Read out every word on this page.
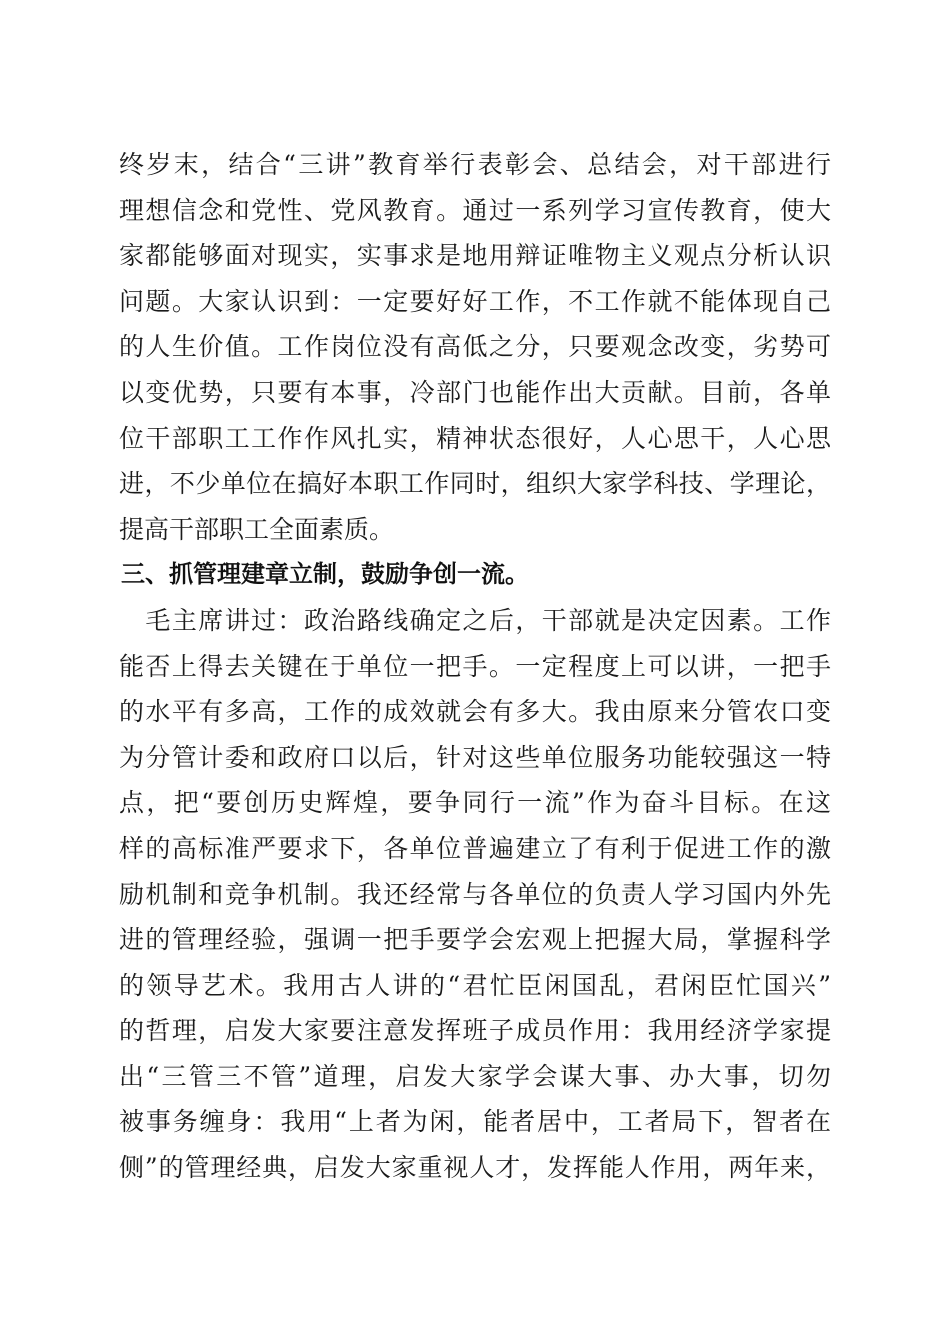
终岁末，结合“三讲”教育举行表彰会、总结会，对干部进行
理想信念和党性、党风教育。通过一系列学习宣传教育，使大
家都能够面对现实，实事求是地用辩证唯物主义观点分析认识
问题。大家认识到：一定要好好工作，不工作就不能体现自己
的人生价值。工作岗位没有高低之分，只要观念改变，劣势可
以变优势，只要有本事，冷部门也能作出大贡献。目前，各单
位干部职工工作作风扎实，精神状态很好，人心思干，人心思
进，不少单位在搞好本职工作同时，组织大家学科技、学理论，
提高干部职工全面素质。
三、抓管理建章立制，鼓励争创一流。
　毛主席讲过：政治路线确定之后，干部就是决定因素。工作
能否上得去关键在于单位一把手。一定程度上可以讲，一把手
的水平有多高，工作的成效就会有多大。我由原来分管农口变
为分管计委和政府口以后，针对这些单位服务功能较强这一特
点，把“要创历史辉煌，要争同行一流”作为奋斗目标。在这
样的高标准严要求下，各单位普遍建立了有利于促进工作的激
励机制和竞争机制。我还经常与各单位的负责人学习国内外先
进的管理经验，强调一把手要学会宏观上把握大局，掌握科学
的领导艺术。我用古人讲的“君忙臣闲国乱，君闲臣忙国兴”
的哲理，启发大家要注意发挥班子成员作用：我用经济学家提
出“三管三不管”道理，启发大家学会谋大事、办大事，切勿
被事务缠身：我用“上者为闲，能者居中，工者局下，智者在
侧”的管理经典，启发大家重视人才，发挥能人作用，两年来，
